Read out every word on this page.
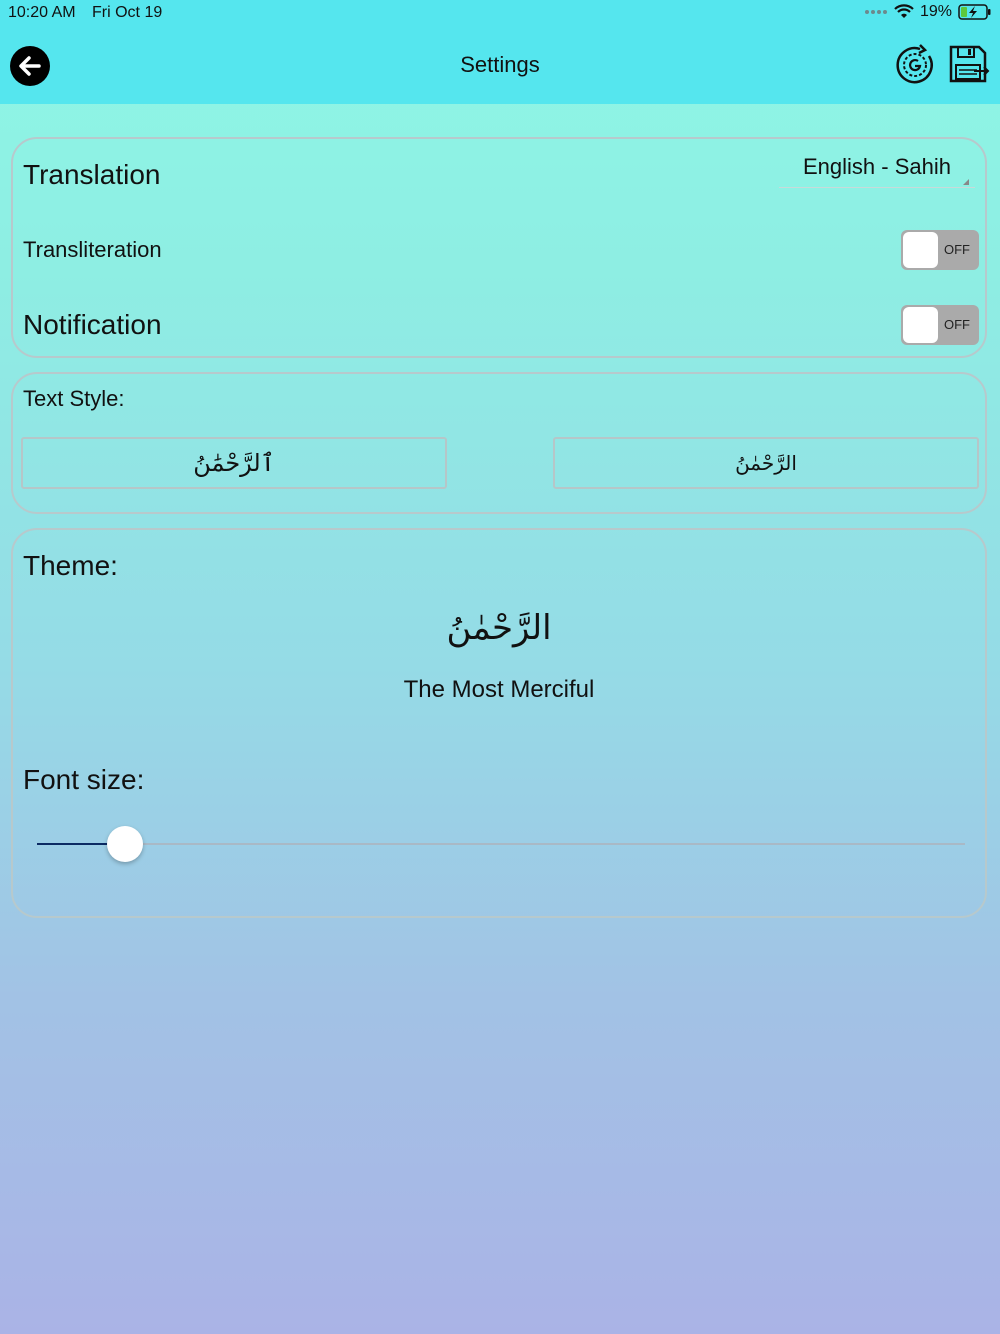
10:20 AM Fri Oct 19	19%
Settings
Translation	English - Sahih
Transliteration	OFF
Notification	OFF
Text Style:
ٱلرَّحْمَٰنُ	الرَّحْمٰنُ
Theme:
الرَّحْمٰنُ
The Most Merciful
Font size:
